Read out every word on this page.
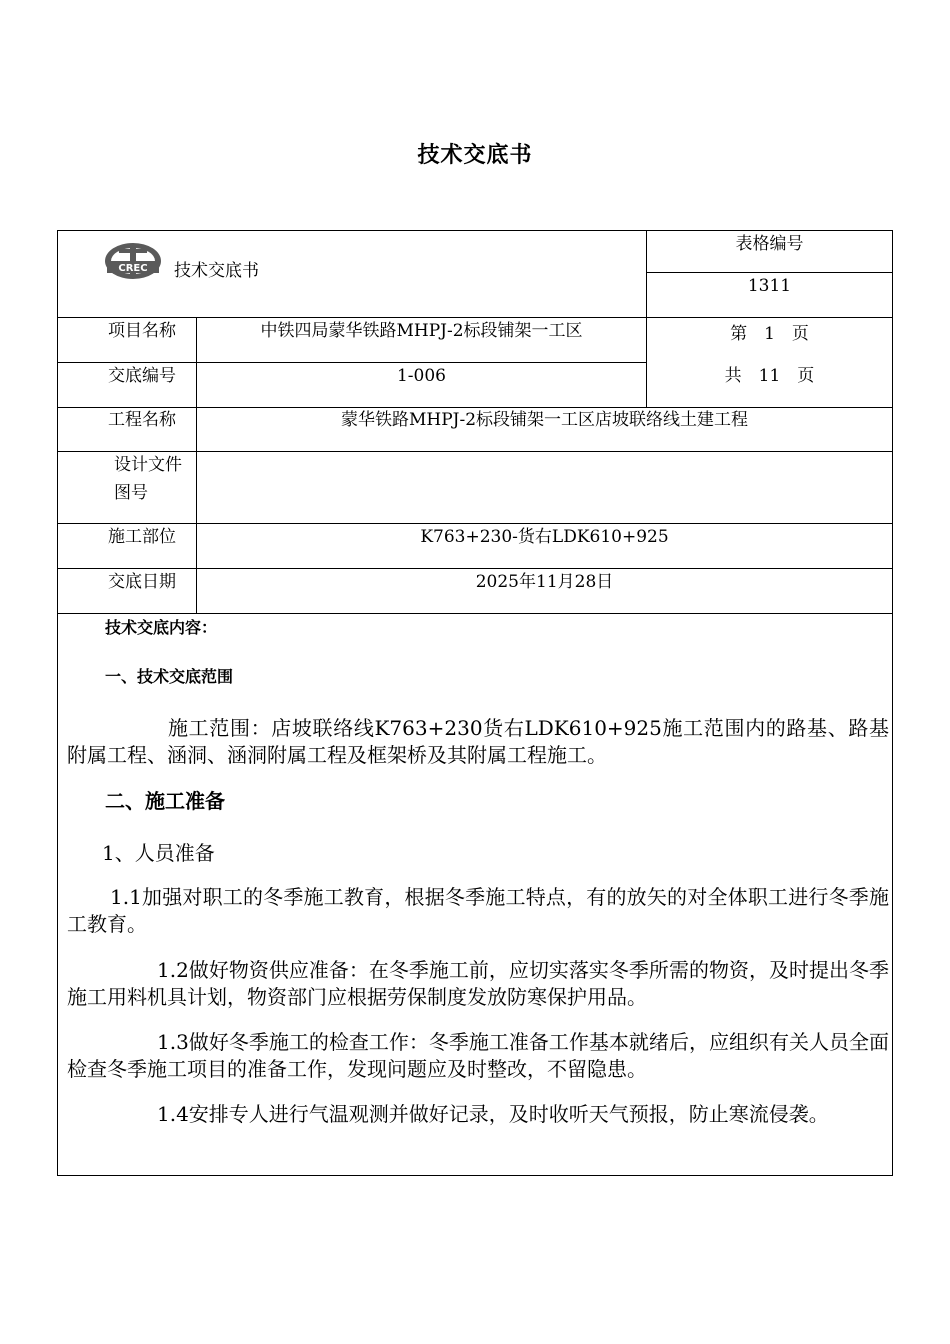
技术交底书
CREC 技术交底书
表格编号
1311
项目名称	中铁四局蒙华铁路MHPJ-2标段铺架一工区	第　1　页
交底编号	1-006	共　11　页
工程名称	蒙华铁路MHPJ-2标段铺架一工区店坡联络线土建工程
设计文件
图号
施工部位	K763+230-货右LDK610+925
交底日期	2025年11月28日
技术交底内容：
一、技术交底范围
施工范围：店坡联络线K763+230货右LDK610+925施工范围内的路基、路基附属工程、涵洞、涵洞附属工程及框架桥及其附属工程施工。
二、施工准备
1、人员准备
1.1加强对职工的冬季施工教育，根据冬季施工特点，有的放矢的对全体职工进行冬季施工教育。
1.2做好物资供应准备：在冬季施工前，应切实落实冬季所需的物资，及时提出冬季施工用料机具计划，物资部门应根据劳保制度发放防寒保护用品。
1.3做好冬季施工的检查工作：冬季施工准备工作基本就绪后，应组织有关人员全面检查冬季施工项目的准备工作，发现问题应及时整改，不留隐患。
1.4安排专人进行气温观测并做好记录，及时收听天气预报，防止寒流侵袭。
